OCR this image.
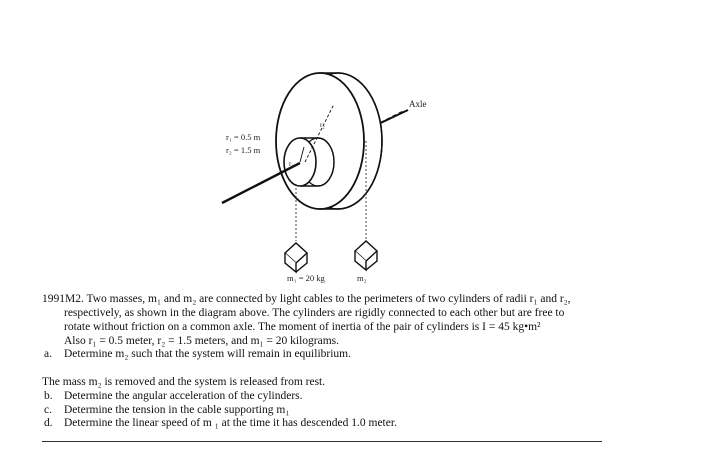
r₁
r₂
Axle
r₁ = 0.5 m
r₂ = 1.5 m
m₁ = 20 kg	m₂
1991M2. Two masses, m₁ and m₂ are connected by light cables to the perimeters of two cylinders of radii r₁ and r₂,
respectively, as shown in the diagram above. The cylinders are rigidly connected to each other but are free to
rotate without friction on a common axle. The moment of inertia of the pair of cylinders is I = 45 kg•m²
Also r₁ = 0.5 meter, r₂ = 1.5 meters, and m₁ = 20 kilograms.
a. Determine m₂ such that the system will remain in equilibrium.
The mass m₂ is removed and the system is released from rest.
b. Determine the angular acceleration of the cylinders.
c. Determine the tension in the cable supporting m₁
d. Determine the linear speed of m ₁ at the time it has descended 1.0 meter.
